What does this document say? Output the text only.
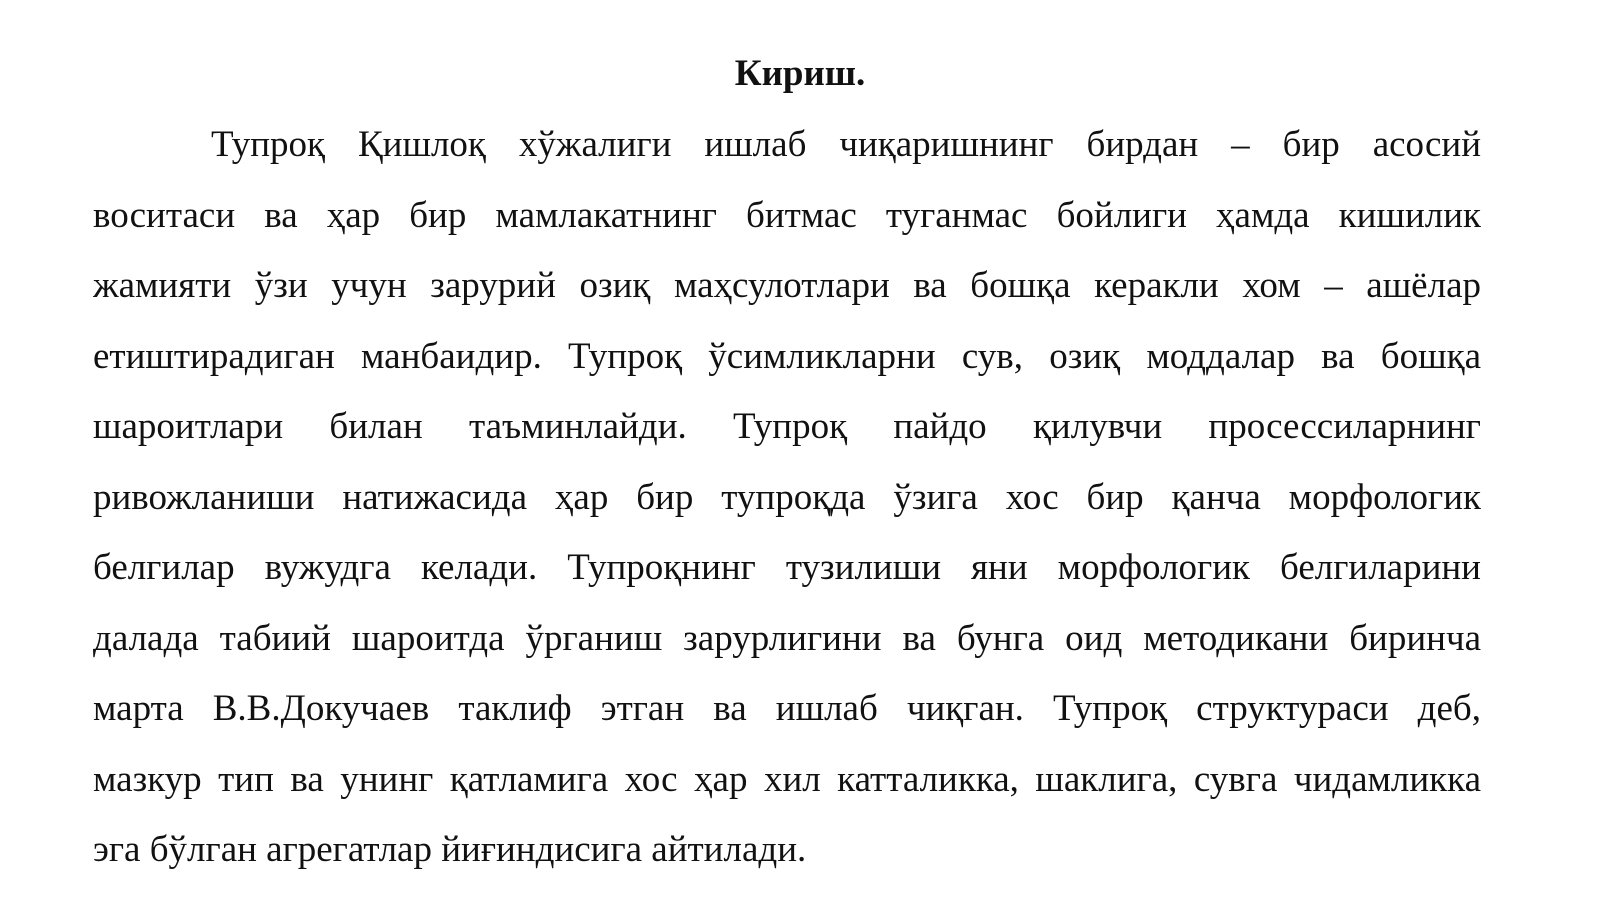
Кириш.
Тупроқ Қишлоқ хўжалиги ишлаб чиқаришнинг бирдан – бир асосий
воситаси ва ҳар бир мамлакатнинг битмас туганмас бойлиги ҳамда кишилик
жамияти ўзи учун зарурий озиқ маҳсулотлари ва бошқа керакли хом – ашёлар
етиштирадиган манбаидир. Тупроқ ўсимликларни сув, озиқ моддалар ва бошқа
шароитлари билан таъминлайди. Тупроқ пайдо қилувчи просессиларнинг
ривожланиши натижасида ҳар бир тупроқда ўзига хос бир қанча морфологик
белгилар вужудга келади. Тупроқнинг тузилиши яни морфологик белгиларини
далада табиий шароитда ўрганиш зарурлигини ва бунга оид методикани биринча
марта В.В.Докучаев таклиф этган ва ишлаб чиқган. Тупроқ структураси деб,
мазкур тип ва унинг қатламига хос ҳар хил катталикка, шаклига, сувга чидамликка
эга бўлган агрегатлар йиғиндисига айтилади.
